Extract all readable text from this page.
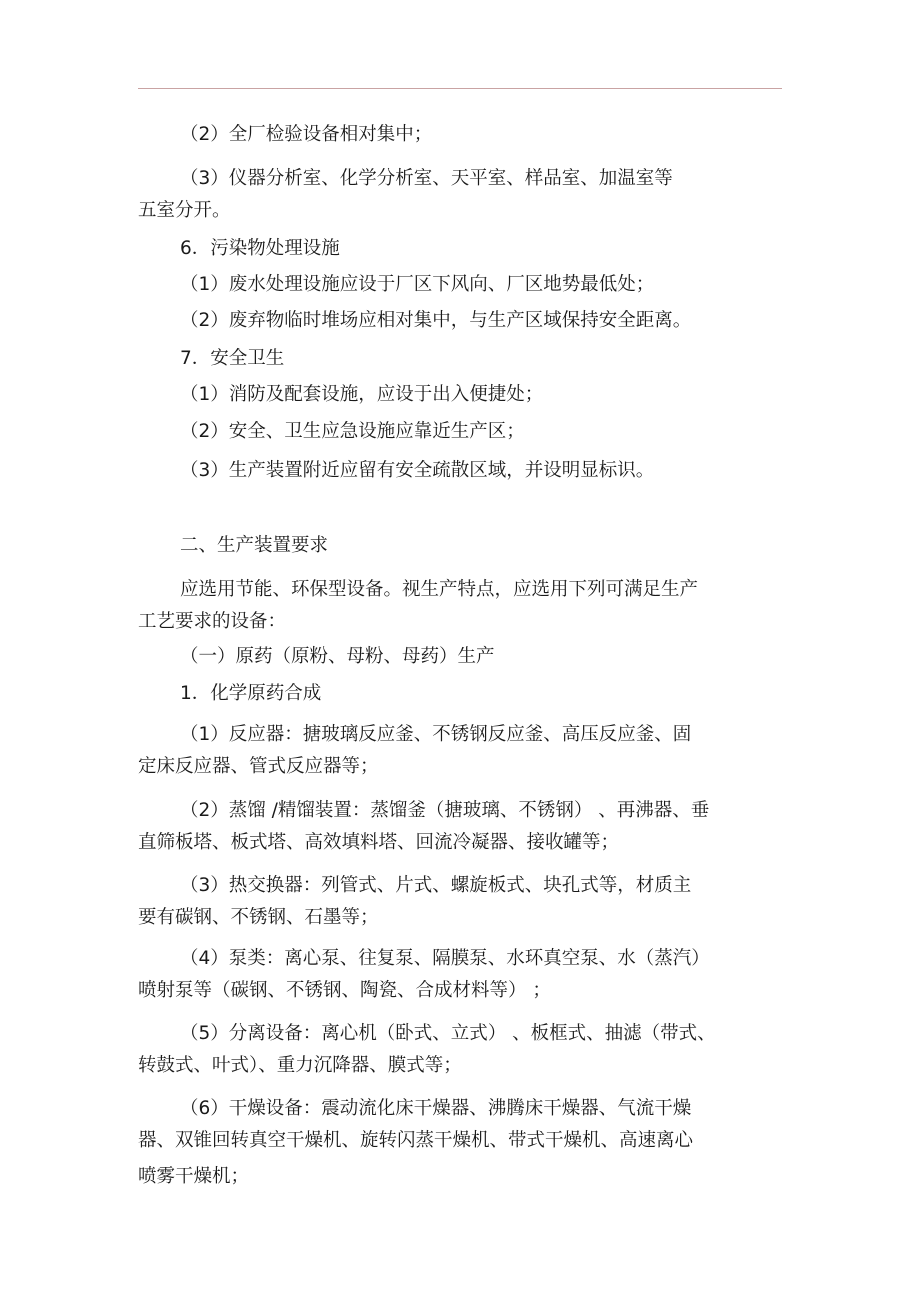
（2）全厂检验设备相对集中；
（3）仪器分析室、化学分析室、天平室、样品室、加温室等
五室分开。
6．污染物处理设施
（1）废水处理设施应设于厂区下风向、厂区地势最低处；
（2）废弃物临时堆场应相对集中，与生产区域保持安全距离。
7．安全卫生
（1）消防及配套设施，应设于出入便捷处；
（2）安全、卫生应急设施应靠近生产区；
（3）生产装置附近应留有安全疏散区域，并设明显标识。
二、生产装置要求
应选用节能、环保型设备。视生产特点，应选用下列可满足生产
工艺要求的设备：
（一）原药（原粉、母粉、母药）生产
1．化学原药合成
（1）反应器：搪玻璃反应釜、不锈钢反应釜、高压反应釜、固
定床反应器、管式反应器等；
（2）蒸馏 /精馏装置：蒸馏釜（搪玻璃、不锈钢） 、再沸器、垂
直筛板塔、板式塔、高效填料塔、回流冷凝器、接收罐等；
（3）热交换器：列管式、片式、螺旋板式、块孔式等，材质主
要有碳钢、不锈钢、石墨等；
（4）泵类：离心泵、往复泵、隔膜泵、水环真空泵、水（蒸汽）
喷射泵等（碳钢、不锈钢、陶瓷、合成材料等） ；
（5）分离设备：离心机（卧式、立式） 、板框式、抽滤（带式、
转鼓式、叶式）、重力沉降器、膜式等；
（6）干燥设备：震动流化床干燥器、沸腾床干燥器、气流干燥
器、双锥回转真空干燥机、旋转闪蒸干燥机、带式干燥机、高速离心
喷雾干燥机；
